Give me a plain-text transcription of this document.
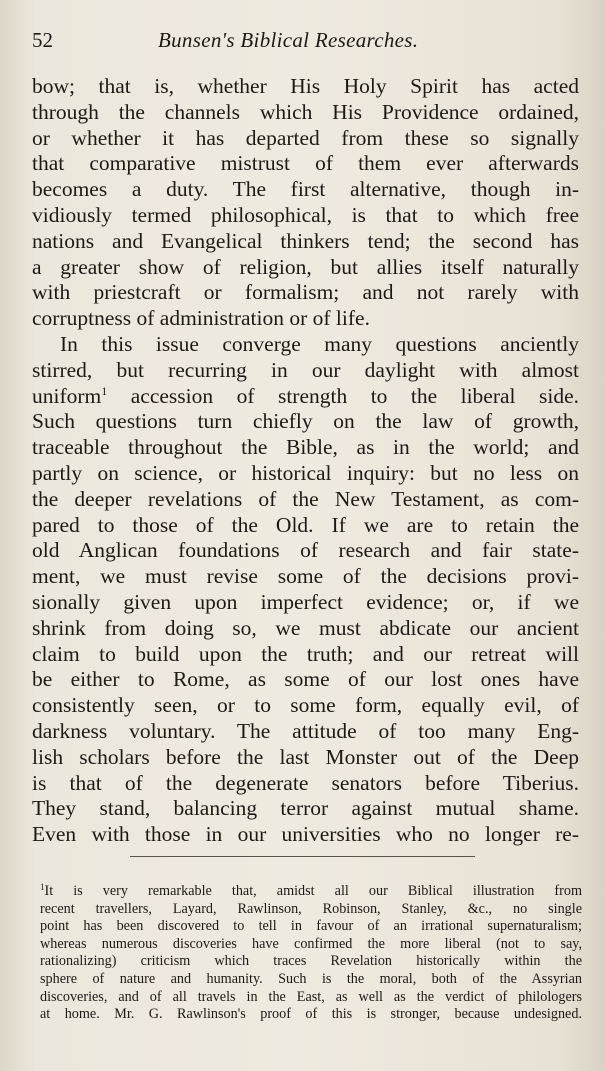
52	Bunsen's Biblical Researches.
bow; that is, whether His Holy Spirit has acted
through the channels which His Providence ordained,
or whether it has departed from these so signally
that comparative mistrust of them ever afterwards
becomes a duty. The first alternative, though in-
vidiously termed philosophical, is that to which free
nations and Evangelical thinkers tend; the second has
a greater show of religion, but allies itself naturally
with priestcraft or formalism; and not rarely with
corruptness of administration or of life.
In this issue converge many questions anciently
stirred, but recurring in our daylight with almost
uniform$^1$ accession of strength to the liberal side.
Such questions turn chiefly on the law of growth,
traceable throughout the Bible, as in the world; and
partly on science, or historical inquiry: but no less on
the deeper revelations of the New Testament, as com-
pared to those of the Old. If we are to retain the
old Anglican foundations of research and fair state-
ment, we must revise some of the decisions provi-
sionally given upon imperfect evidence; or, if we
shrink from doing so, we must abdicate our ancient
claim to build upon the truth; and our retreat will
be either to Rome, as some of our lost ones have
consistently seen, or to some form, equally evil, of
darkness voluntary. The attitude of too many Eng-
lish scholars before the last Monster out of the Deep
is that of the degenerate senators before Tiberius.
They stand, balancing terror against mutual shame.
Even with those in our universities who no longer re-
$^1$It is very remarkable that, amidst all our Biblical illustration from
recent travellers, Layard, Rawlinson, Robinson, Stanley, &c., no single
point has been discovered to tell in favour of an irrational supernaturalism;
whereas numerous discoveries have confirmed the more liberal (not to say,
rationalizing) criticism which traces Revelation historically within the
sphere of nature and humanity. Such is the moral, both of the Assyrian
discoveries, and of all travels in the East, as well as the verdict of philologers
at home. Mr. G. Rawlinson's proof of this is stronger, because undesigned.
